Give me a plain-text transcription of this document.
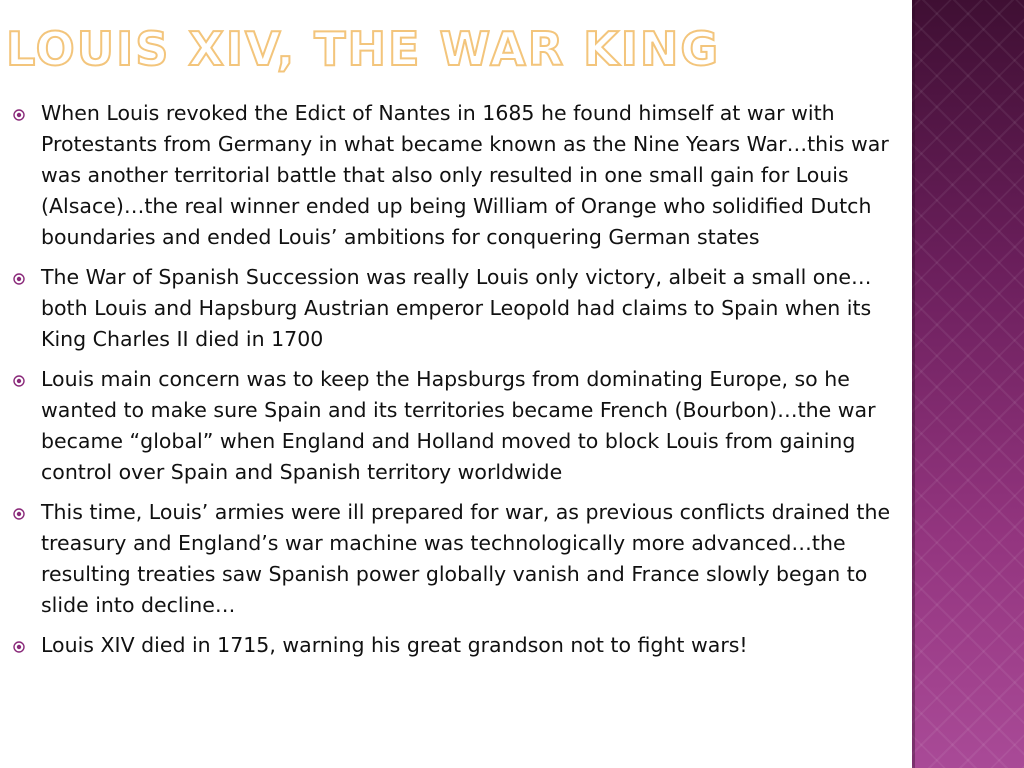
LOUIS XIV, THE WAR KING
When Louis revoked the Edict of Nantes in 1685 he found himself at war with Protestants from Germany in what became known as the Nine Years War…this war was another territorial battle that also only resulted in one small gain for Louis (Alsace)…the real winner ended up being William of Orange who solidified Dutch boundaries and ended Louis’ ambitions for conquering German states
The War of Spanish Succession was really Louis only victory, albeit a small one…both Louis and Hapsburg Austrian emperor Leopold had claims to Spain when its King Charles II died in 1700
Louis main concern was to keep the Hapsburgs from dominating Europe, so he wanted to make sure Spain and its territories became French (Bourbon)…the war became “global” when England and Holland moved to block Louis from gaining control over Spain and Spanish territory worldwide
This time, Louis’ armies were ill prepared for war, as previous conflicts drained the treasury and England’s war machine was technologically more advanced…the resulting treaties saw Spanish power globally vanish and France slowly began to slide into decline…
Louis XIV died in 1715, warning his great grandson not to fight wars!
